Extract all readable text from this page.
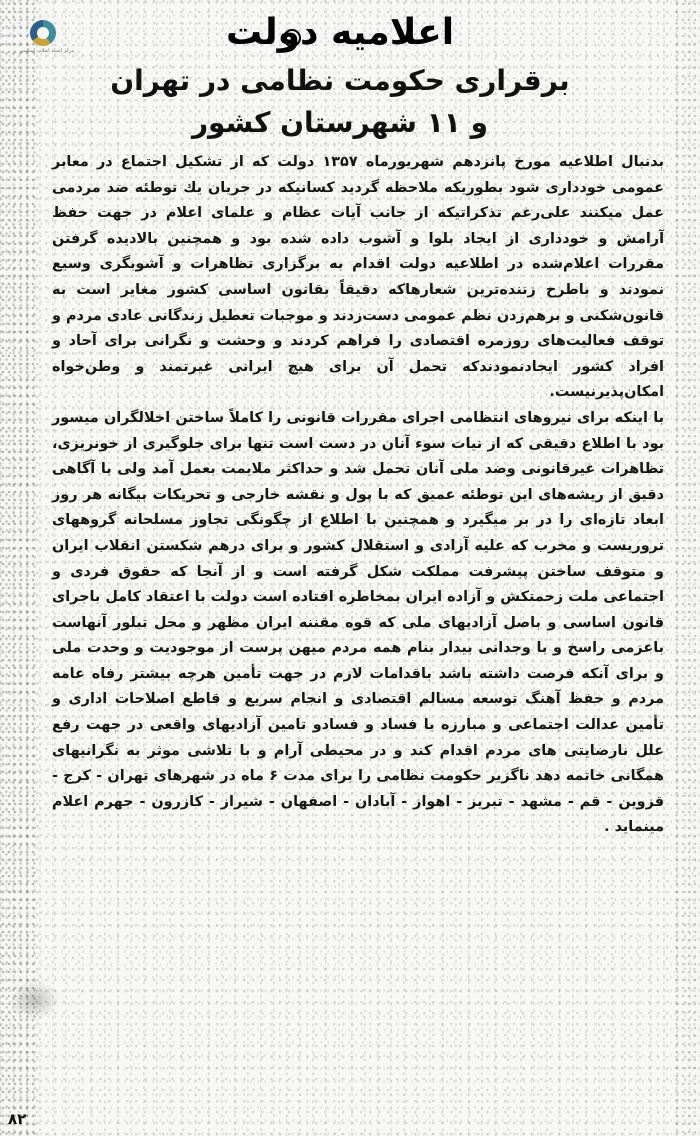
مرکز اسناد انقلاب اسلامی	اعلامیه دولت
برقراری حکومت نظامی در تهران
و ۱۱ شهرستان کشور

بدنبال اطلاعیه مورخ پانزدهم شهریورماه ۱۳۵۷ دولت که از تشکیل اجتماع در معابر عمومی خودداری شود بطوریکه ملاحظه گردید کسانیکه در جریان یك توطئه ضد مردمی عمل میکنند علی‌رغم تذکراتیکه از جانب آیات عظام و علمای اعلام در جهت حفظ آرامش و خودداری از ایجاد بلوا و آشوب داده شده بود و همچنین بالادیده گرفتن مقررات اعلام‌شده در اطلاعیه دولت اقدام به برگزاری تظاهرات و آشوبگری وسیع نمودند و باطرح زننده‌ترین شعارهاکه دقیقاً بقانون اساسی کشور مغایر است به قانون‌شکنی و برهم‌زدن نظم عمومی دست‌زدند و موجبات تعطیل زندگانی عادی مردم و توقف فعالیت‌های روزمره اقتصادی را فراهم کردند و وحشت و نگرانی برای آحاد و افراد کشور ایجادنمودندکه تحمل آن برای هیچ ایرانی غیرتمند و وطن‌خواه امکان‌پذیرنیست.

با اینکه برای نیروهای انتظامی اجرای مقررات قانونی را کاملاً ساختن اخلالگران میسور بود با اطلاع دقیقی که از نیات سوء آنان در دست است تنها برای جلوگیری از خونریزی، تظاهرات غیرقانونی وضد ملی آنان تحمل شد و حداکثر ملایمت بعمل آمد ولی با آگاهی دقیق از ریشه‌های این توطئه عمیق که با پول و نقشه خارجی و تحریکات بیگانه هر روز ابعاد تازه‌ای را در بر میگیرد و همچنین با اطلاع از چگونگی تجاوز مسلحانه گروههای تروریست و مخرب که علیه آزادی و استقلال کشور و برای درهم شکستن انقلاب ایران و متوقف ساختن پیشرفت مملکت شکل گرفته است و از آنجا که حقوق فردی و اجتماعی ملت زحمتکش و آزاده ایران بمخاطره افتاده است دولت با اعتقاد کامل باجرای قانون اساسی و باصل آزادیهای ملی که قوه مقننه ایران مظهر و محل تبلور آنهاست باعزمی راسخ و با وجدانی بیدار بنام همه مردم میهن پرست از موجودیت و وحدت ملی و برای آنکه فرصت داشته باشد باقدامات لازم در جهت تأمین هرچه بیشتر رفاه عامه مردم و حفظ آهنگ توسعه مسالم اقتصادی و انجام سریع و قاطع اصلاحات اداری و تأمین عدالت اجتماعی و مبارزه با فساد و فسادو تامین آزادیهای واقعی در جهت رفع علل نارضایتی های مردم اقدام کند و در محیطی آرام و با تلاشی موثر به نگرانیهای همگانی خاتمه دهد ناگزیر حکومت نظامی را برای مدت ۶ ماه در شهرهای تهران - کرج - قزوین - قم - مشهد - تبریز - اهواز - آبادان - اصفهان - شیراز - کازرون - جهرم اعلام مینماید .

۸۲
